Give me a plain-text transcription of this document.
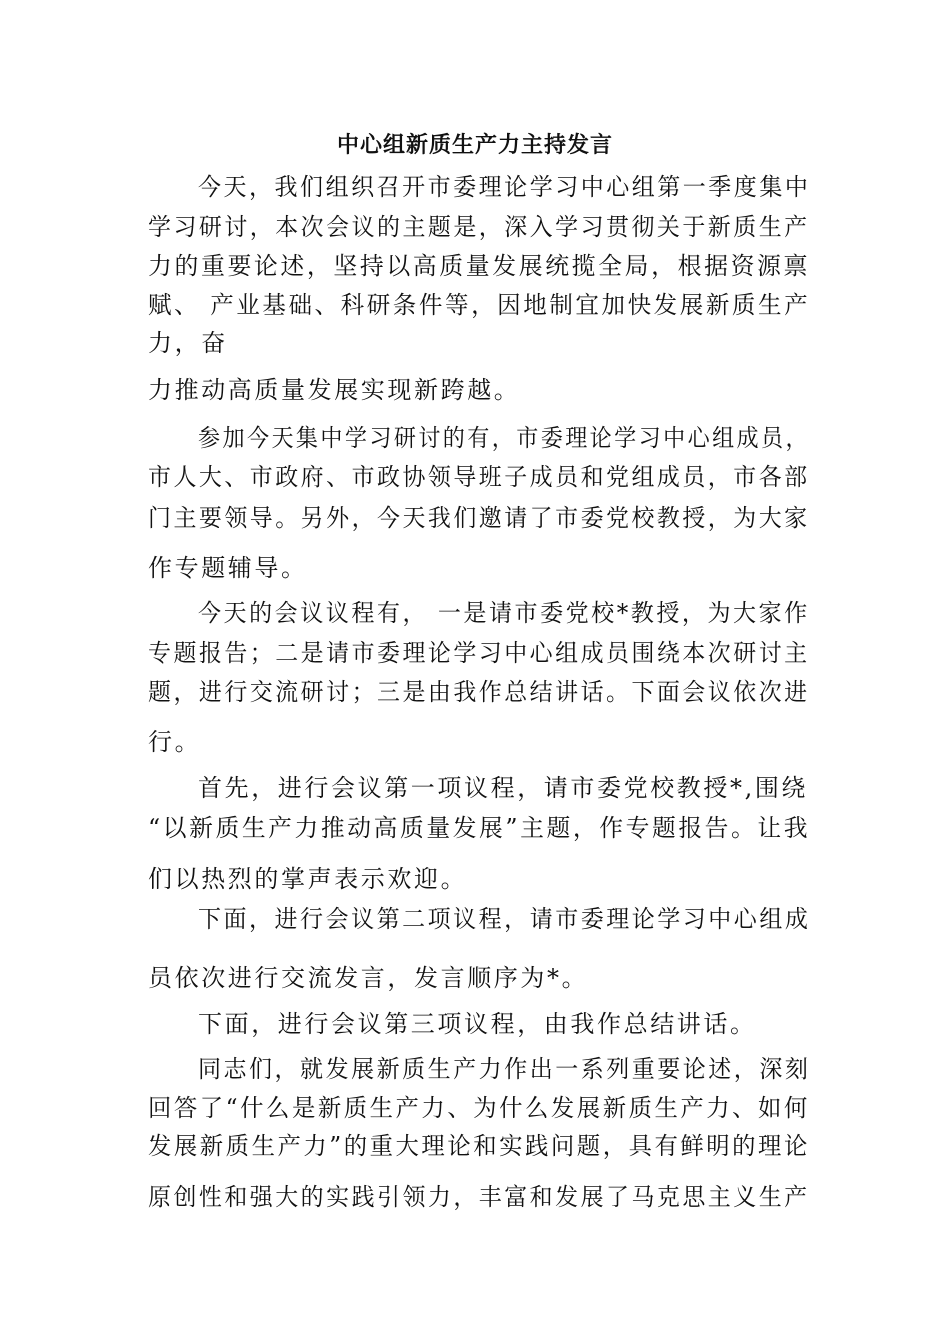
中心组新质生产力主持发言
今天，我们组织召开市委理论学习中心组第一季度集中
学习研讨，本次会议的主题是，深入学习贯彻关于新质生产
力的重要论述，坚持以高质量发展统揽全局，根据资源禀
赋、 产业基础、科研条件等，因地制宜加快发展新质生产
力，奋
力推动高质量发展实现新跨越。
参加今天集中学习研讨的有，市委理论学习中心组成员，
市人大、市政府、市政协领导班子成员和党组成员，市各部
门主要领导。另外，今天我们邀请了市委党校教授，为大家
作专题辅导。
今天的会议议程有， 一是请市委党校*教授，为大家作
专题报告；二是请市委理论学习中心组成员围绕本次研讨主
题，进行交流研讨；三是由我作总结讲话。下面会议依次进
行。
首先，进行会议第一项议程，请市委党校教授*,围绕
“以新质生产力推动高质量发展”主题，作专题报告。让我
们以热烈的掌声表示欢迎。
下面，进行会议第二项议程，请市委理论学习中心组成
员依次进行交流发言，发言顺序为*。
下面，进行会议第三项议程，由我作总结讲话。
同志们，就发展新质生产力作出一系列重要论述，深刻
回答了“什么是新质生产力、为什么发展新质生产力、如何
发展新质生产力”的重大理论和实践问题，具有鲜明的理论
原创性和强大的实践引领力，丰富和发展了马克思主义生产
